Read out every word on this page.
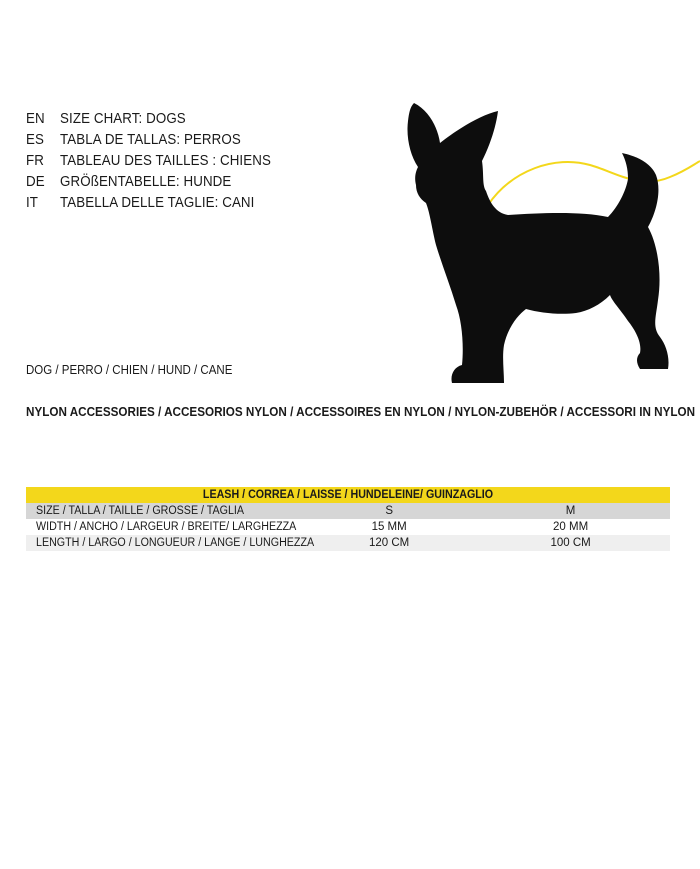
EN	SIZE CHART: DOGS
ES	TABLA DE TALLAS: PERROS
FR	TABLEAU DES TAILLES : CHIENS
DE	GRÖßENTABELLE: HUNDE
IT	TABELLA DELLE TAGLIE: CANI
DOG / PERRO / CHIEN / HUND / CANE
NYLON ACCESSORIES / ACCESORIOS NYLON / ACCESSOIRES EN NYLON / NYLON-ZUBEHÖR / ACCESSORI IN NYLON
LEASH / CORREA / LAISSE / HUNDELEINE/ GUINZAGLIO				
SIZE / TALLA / TAILLE / GRÖSSE / TAGLIA	S		M	
WIDTH / ANCHO / LARGEUR / BREITE/ LARGHEZZA	15 MM		20 MM	
LENGTH / LARGO / LONGUEUR / LÄNGE / LUNGHEZZA	120 CM		100 CM	
